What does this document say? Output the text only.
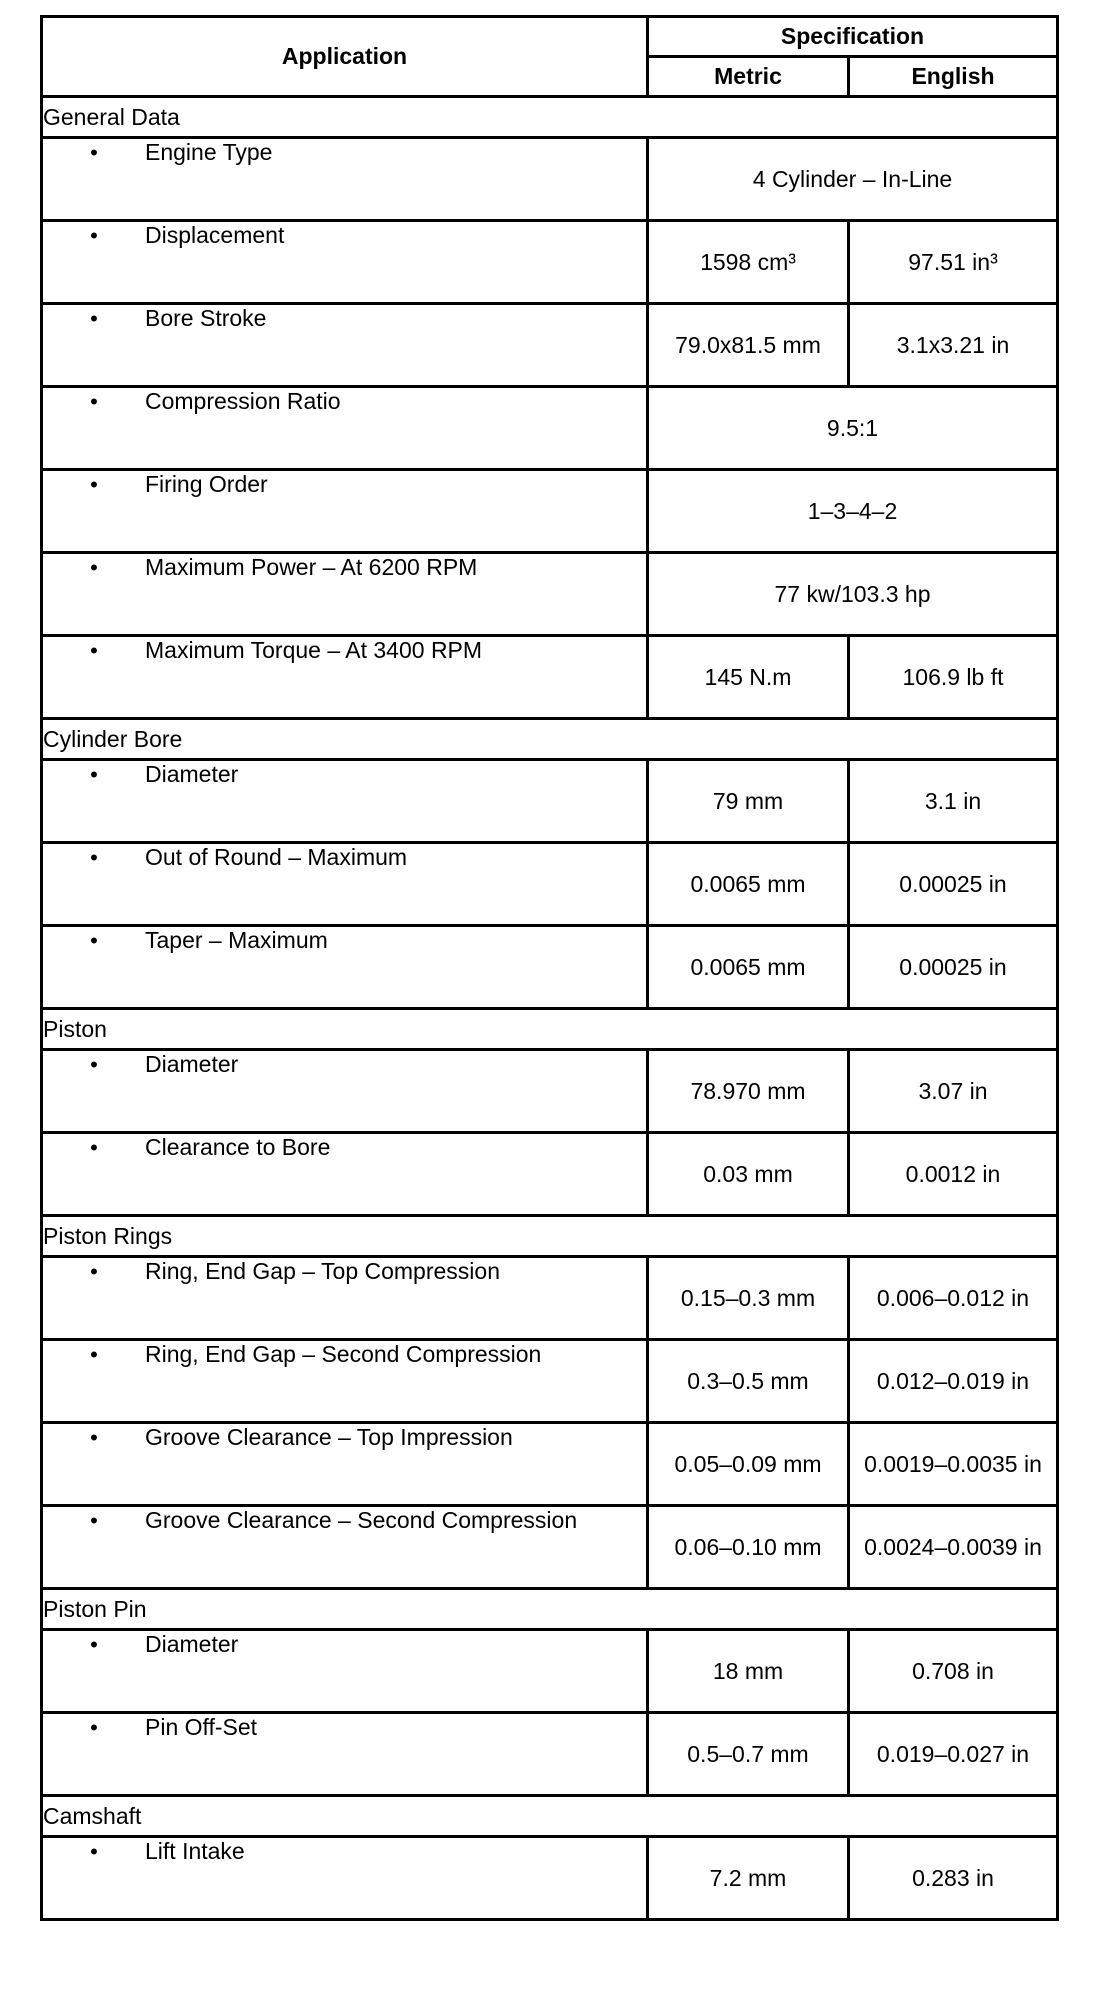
Application	Specification	
	Metric	English
General Data		
• Engine Type	4 Cylinder – In-Line	
• Displacement	1598 cm³	97.51 in³
• Bore Stroke	79.0x81.5 mm	3.1x3.21 in
• Compression Ratio	9.5:1	
• Firing Order	1–3–4–2	
• Maximum Power – At 6200 RPM	77 kw/103.3 hp	
• Maximum Torque – At 3400 RPM	145 N.m	106.9 lb ft
Cylinder Bore		
• Diameter	79 mm	3.1 in
• Out of Round – Maximum	0.0065 mm	0.00025 in
• Taper – Maximum	0.0065 mm	0.00025 in
Piston		
• Diameter	78.970 mm	3.07 in
• Clearance to Bore	0.03 mm	0.0012 in
Piston Rings		
• Ring, End Gap – Top Compression	0.15–0.3 mm	0.006–0.012 in
• Ring, End Gap – Second Compression	0.3–0.5 mm	0.012–0.019 in
• Groove Clearance – Top Impression	0.05–0.09 mm	0.0019–0.0035 in
• Groove Clearance – Second Compression	0.06–0.10 mm	0.0024–0.0039 in
Piston Pin		
• Diameter	18 mm	0.708 in
• Pin Off-Set	0.5–0.7 mm	0.019–0.027 in
Camshaft		
• Lift Intake	7.2 mm	0.283 in
